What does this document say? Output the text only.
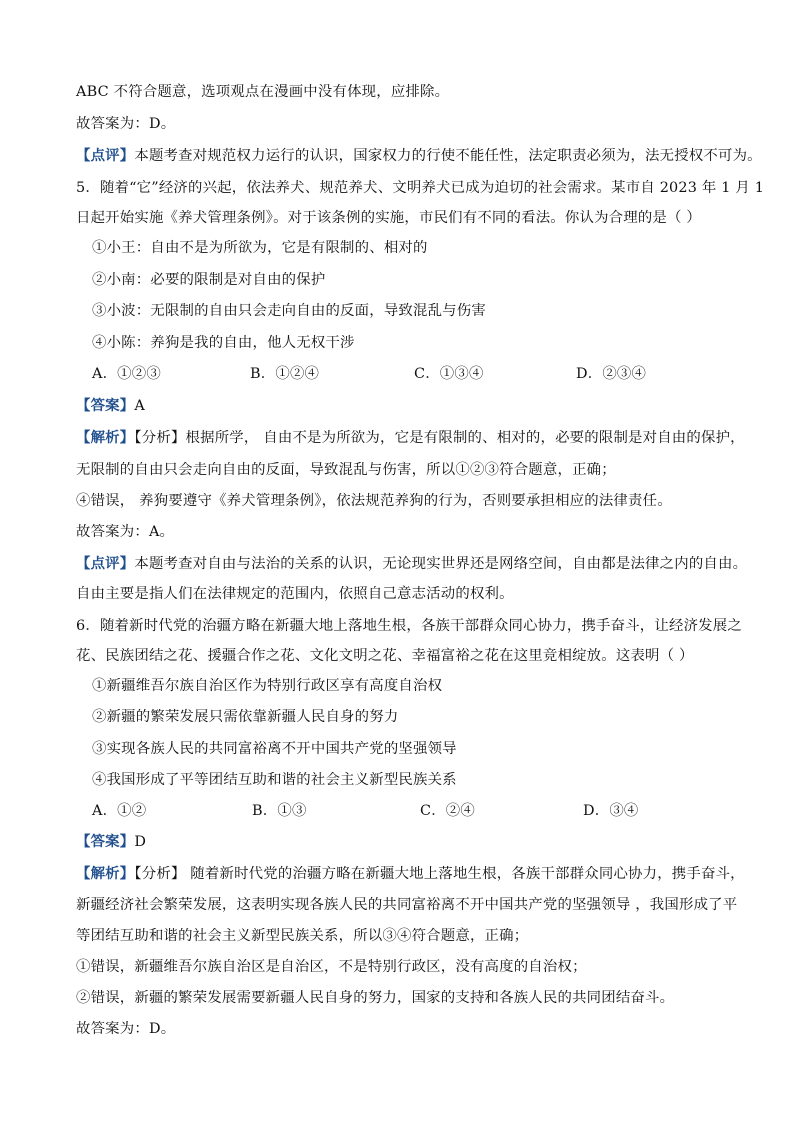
ABC 不符合题意，选项观点在漫画中没有体现，应排除。
故答案为：D。
【点评】本题考查对规范权力运行的认识，国家权力的行使不能任性，法定职责必须为，法无授权不可为。
5．随着“它”经济的兴起，依法养犬、规范养犬、文明养犬已成为迫切的社会需求。某市自 2023 年 1 月 1
日起开始实施《养犬管理条例》。对于该条例的实施，市民们有不同的看法。你认为合理的是（ ）
①小王：自由不是为所欲为，它是有限制的、相对的
②小南：必要的限制是对自由的保护
③小波：无限制的自由只会走向自由的反面，导致混乱与伤害
④小陈：养狗是我的自由，他人无权干涉
A．①②③	B．①②④	C．①③④	D．②③④
【答案】A
【解析】【分析】根据所学， 自由不是为所欲为，它是有限制的、相对的，必要的限制是对自由的保护，
无限制的自由只会走向自由的反面，导致混乱与伤害，所以①②③符合题意，正确；
④错误， 养狗要遵守《养犬管理条例》，依法规范养狗的行为，否则要承担相应的法律责任。
故答案为：A。
【点评】本题考查对自由与法治的关系的认识，无论现实世界还是网络空间，自由都是法律之内的自由。
自由主要是指人们在法律规定的范围内，依照自己意志活动的权利。
6．随着新时代党的治疆方略在新疆大地上落地生根，各族干部群众同心协力，携手奋斗，让经济发展之
花、民族团结之花、援疆合作之花、文化文明之花、幸福富裕之花在这里竞相绽放。这表明（ ）
①新疆维吾尔族自治区作为特别行政区享有高度自治权
②新疆的繁荣发展只需依靠新疆人民自身的努力
③实现各族人民的共同富裕离不开中国共产党的坚强领导
④我国形成了平等团结互助和谐的社会主义新型民族关系
A．①②	B．①③	C．②④	D．③④
【答案】D
【解析】【分析】 随着新时代党的治疆方略在新疆大地上落地生根，各族干部群众同心协力，携手奋斗，
新疆经济社会繁荣发展，这表明实现各族人民的共同富裕离不开中国共产党的坚强领导 ，我国形成了平
等团结互助和谐的社会主义新型民族关系，所以③④符合题意，正确；
①错误，新疆维吾尔族自治区是自治区，不是特别行政区，没有高度的自治权；
②错误，新疆的繁荣发展需要新疆人民自身的努力，国家的支持和各族人民的共同团结奋斗。
故答案为：D。
